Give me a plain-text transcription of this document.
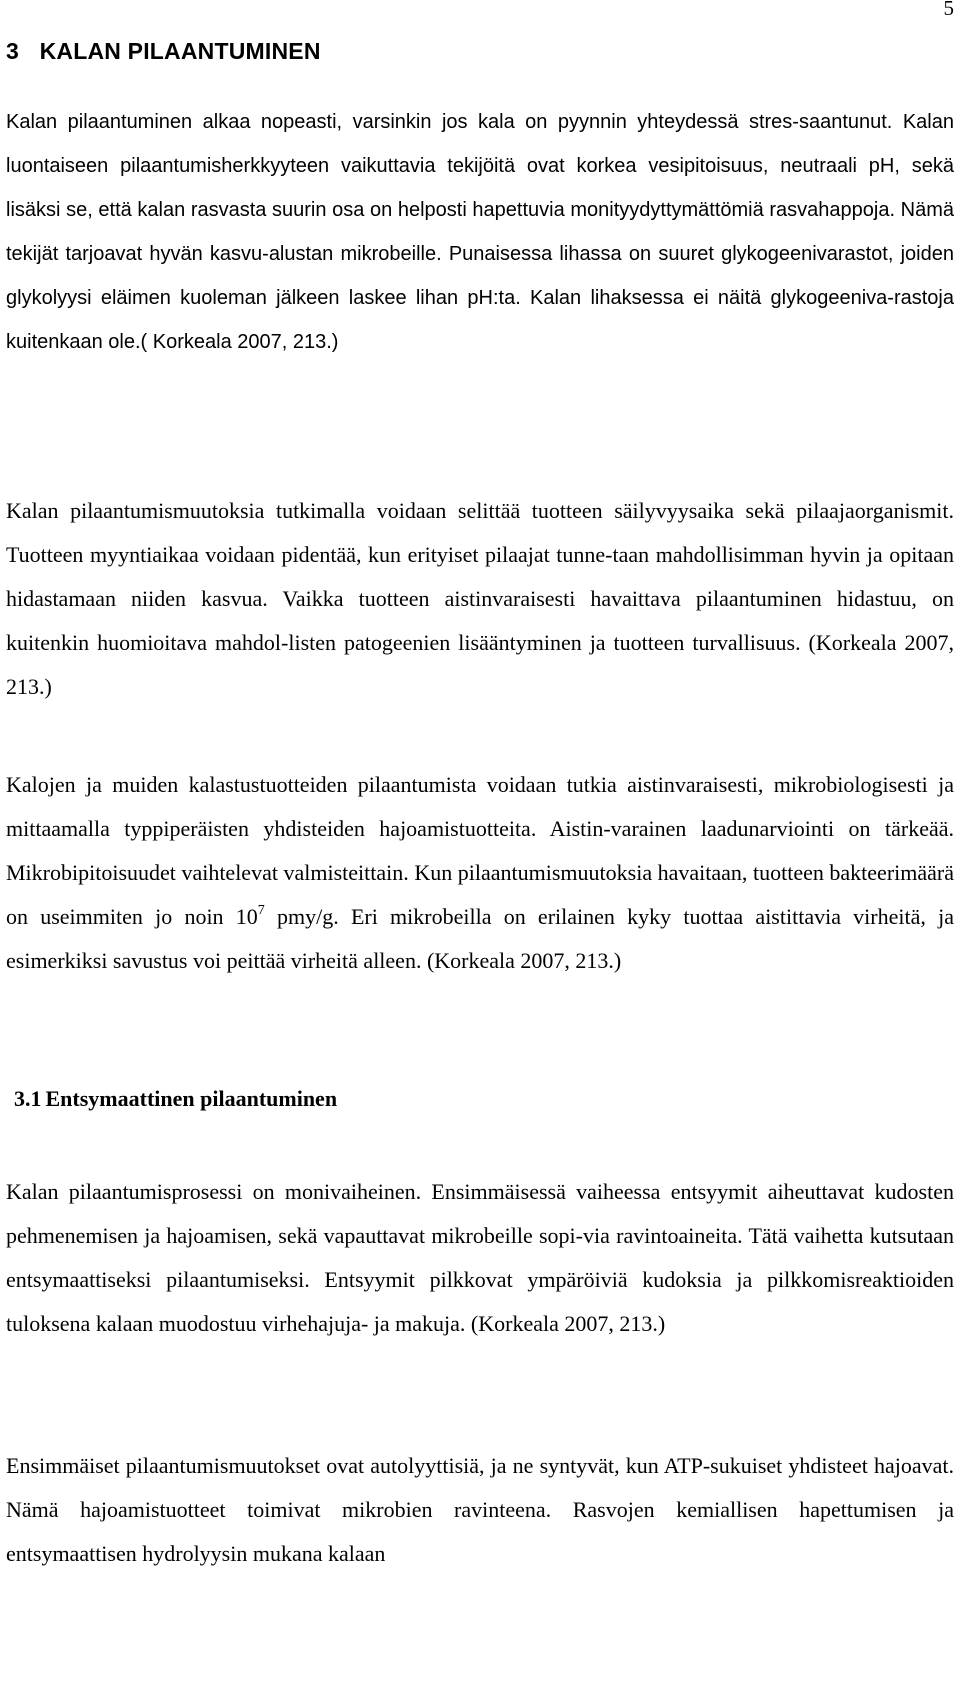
5
3 KALAN PILAANTUMINEN

Kalan pilaantuminen alkaa nopeasti, varsinkin jos kala on pyynnin yhteydessä stres-saantunut. Kalan luontaiseen pilaantumisherkkyyteen vaikuttavia tekijöitä ovat korkea vesipitoisuus, neutraali pH, sekä lisäksi se, että kalan rasvasta suurin osa on helposti hapettuvia monityydyttymättömiä rasvahappoja. Nämä tekijät tarjoavat hyvän kasvu-alustan mikrobeille. Punaisessa lihassa on suuret glykogeenivarastot, joiden glykolyysi eläimen kuoleman jälkeen laskee lihan pH:ta. Kalan lihaksessa ei näitä glykogeeniva-rastoja kuitenkaan ole.( Korkeala 2007, 213.)

Kalan pilaantumismuutoksia tutkimalla voidaan selittää tuotteen säilyvyysaika sekä pilaajaorganismit. Tuotteen myyntiaikaa voidaan pidentää, kun erityiset pilaajat tunne-taan mahdollisimman hyvin ja opitaan hidastamaan niiden kasvua. Vaikka tuotteen aistinvaraisesti havaittava pilaantuminen hidastuu, on kuitenkin huomioitava mahdol-listen patogeenien lisääntyminen ja tuotteen turvallisuus. (Korkeala 2007, 213.)

Kalojen ja muiden kalastustuotteiden pilaantumista voidaan tutkia aistinvaraisesti, mikrobiologisesti ja mittaamalla typpiperäisten yhdisteiden hajoamistuotteita. Aistin-varainen laadunarviointi on tärkeää. Mikrobipitoisuudet vaihtelevat valmisteittain. Kun pilaantumismuutoksia havaitaan, tuotteen bakteerimäärä on useimmiten jo noin $10^7$ pmy/g. Eri mikrobeilla on erilainen kyky tuottaa aistittavia virheitä, ja esimerkiksi savustus voi peittää virheitä alleen. (Korkeala 2007, 213.)

3.1 Entsymaattinen pilaantuminen

Kalan pilaantumisprosessi on monivaiheinen. Ensimmäisessä vaiheessa entsyymit aiheuttavat kudosten pehmenemisen ja hajoamisen, sekä vapauttavat mikrobeille sopi-via ravintoaineita. Tätä vaihetta kutsutaan entsymaattiseksi pilaantumiseksi. Entsyymit pilkkovat ympäröiviä kudoksia ja pilkkomisreaktioiden tuloksena kalaan muodostuu virhehajuja- ja makuja. (Korkeala 2007, 213.)

Ensimmäiset pilaantumismuutokset ovat autolyyttisiä, ja ne syntyvät, kun ATP-sukuiset yhdisteet hajoavat. Nämä hajoamistuotteet toimivat mikrobien ravinteena. Rasvojen kemiallisen hapettumisen ja entsymaattisen hydrolyysin mukana kalaan
